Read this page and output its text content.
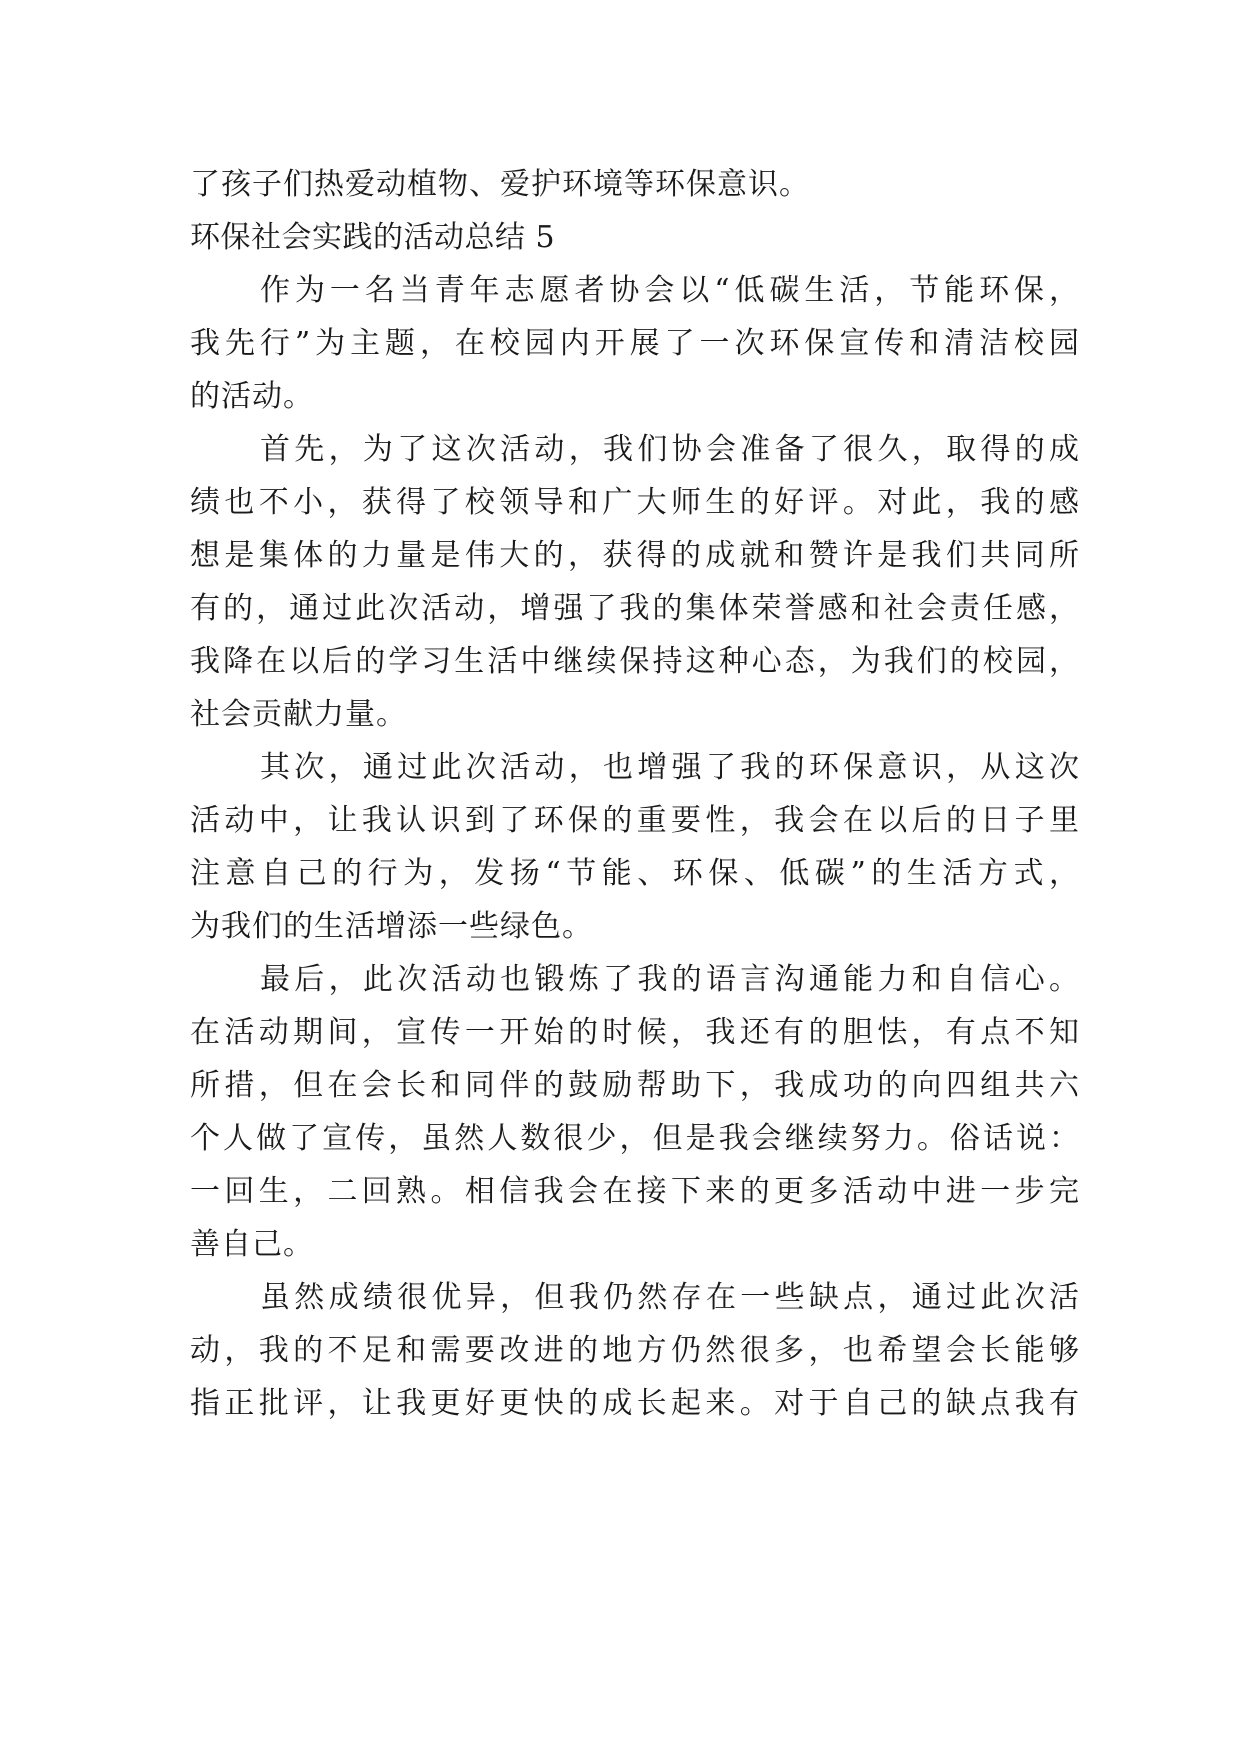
了孩子们热爱动植物、爱护环境等环保意识。
环保社会实践的活动总结 5
作为一名当青年志愿者协会以“低碳生活，节能环保，
我先行”为主题，在校园内开展了一次环保宣传和清洁校园
的活动。
首先，为了这次活动，我们协会准备了很久，取得的成
绩也不小，获得了校领导和广大师生的好评。对此，我的感
想是集体的力量是伟大的，获得的成就和赞许是我们共同所
有的，通过此次活动，增强了我的集体荣誉感和社会责任感，
我降在以后的学习生活中继续保持这种心态，为我们的校园，
社会贡献力量。
其次，通过此次活动，也增强了我的环保意识，从这次
活动中，让我认识到了环保的重要性，我会在以后的日子里
注意自己的行为，发扬“节能、环保、低碳”的生活方式，
为我们的生活增添一些绿色。
最后，此次活动也锻炼了我的语言沟通能力和自信心。
在活动期间，宣传一开始的时候，我还有的胆怯，有点不知
所措，但在会长和同伴的鼓励帮助下，我成功的向四组共六
个人做了宣传，虽然人数很少，但是我会继续努力。俗话说：
一回生，二回熟。相信我会在接下来的更多活动中进一步完
善自己。
虽然成绩很优异，但我仍然存在一些缺点，通过此次活
动，我的不足和需要改进的地方仍然很多，也希望会长能够
指正批评，让我更好更快的成长起来。对于自己的缺点我有
